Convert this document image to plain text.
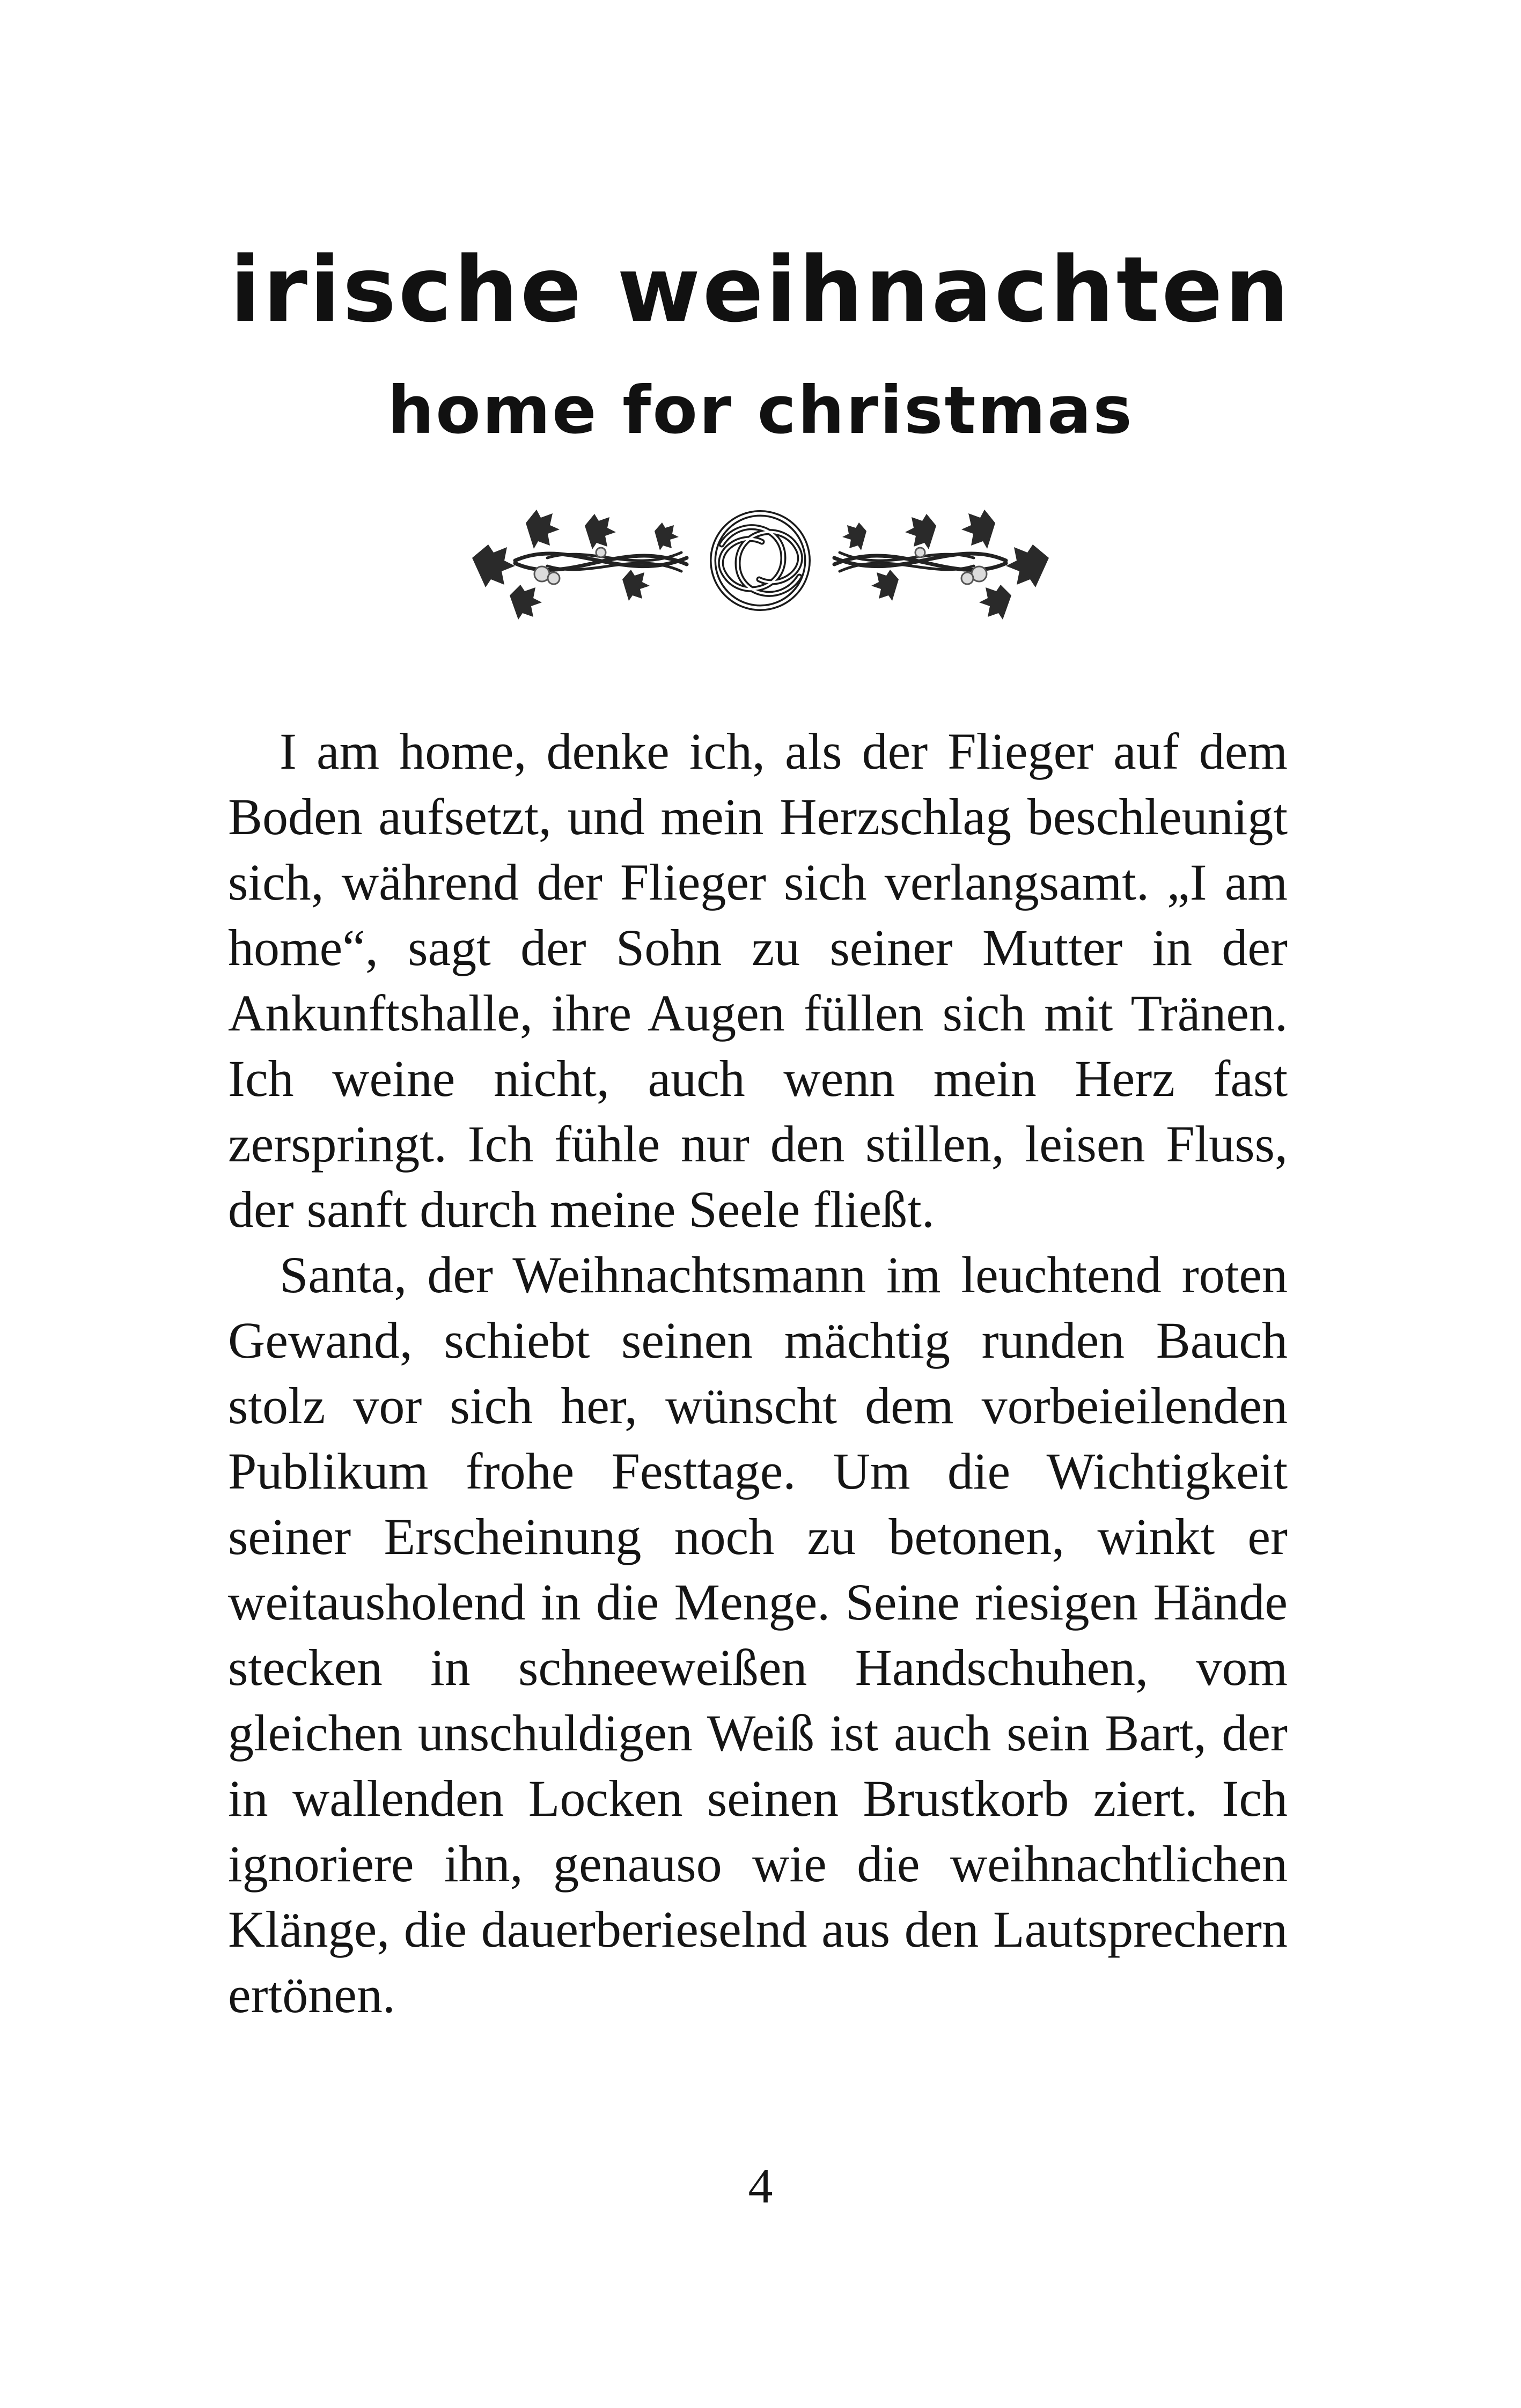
irische weihnachten
home for christmas

I am home, denke ich, als der Flieger auf dem Boden aufsetzt, und mein Herzschlag beschleunigt sich, während der Flieger sich verlangsamt. „I am home“, sagt der Sohn zu seiner Mutter in der Ankunftshalle, ihre Augen füllen sich mit Tränen. Ich weine nicht, auch wenn mein Herz fast zerspringt. Ich fühle nur den stillen, leisen Fluss, der sanft durch meine Seele fließt.

Santa, der Weihnachtsmann im leuchtend roten Gewand, schiebt seinen mächtig runden Bauch stolz vor sich her, wünscht dem vorbeieilenden Publikum frohe Festtage. Um die Wichtigkeit seiner Erscheinung noch zu betonen, winkt er weitausholend in die Menge. Seine riesigen Hände stecken in schneeweißen Handschuhen, vom gleichen unschuldigen Weiß ist auch sein Bart, der in wallenden Locken seinen Brustkorb ziert. Ich ignoriere ihn, genauso wie die weihnachtlichen Klänge, die dauerberieselnd aus den Lautsprechern ertönen.

4
